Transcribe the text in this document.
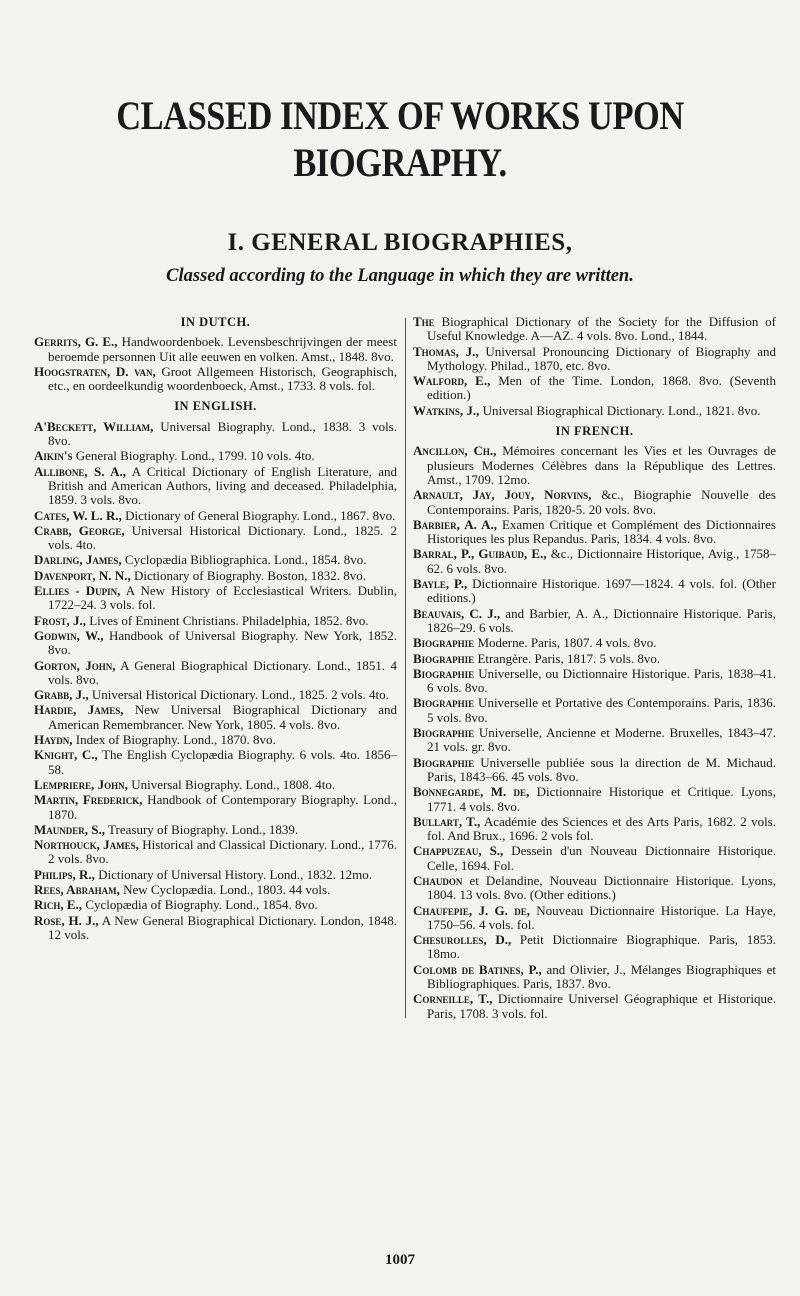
CLASSED INDEX OF WORKS UPON BIOGRAPHY.
I. GENERAL BIOGRAPHIES,
Classed according to the Language in which they are written.
IN DUTCH.
Gerrits, G. E., Handwoordenboek. Levensbeschrijvingen der meest beroemde personnen Uit alle eeuwen en volken. Amst., 1848. 8vo.
Hoogstraten, D. van, Groot Allgemeen Historisch, Geographisch, etc., en oordeelkundig woordenboeck, Amst., 1733. 8 vols. fol.
IN ENGLISH.
A'Beckett, William, Universal Biography. Lond., 1838. 3 vols. 8vo.
Aikin's General Biography. Lond., 1799. 10 vols. 4to.
Allibone, S. A., A Critical Dictionary of English Literature, and British and American Authors, living and deceased. Philadelphia, 1859. 3 vols. 8vo.
Cates, W. L. R., Dictionary of General Biography. Lond., 1867. 8vo.
Crabb, George, Universal Historical Dictionary. Lond., 1825. 2 vols. 4to.
Darling, James, Cyclopædia Bibliographica. Lond., 1854. 8vo.
Davenport, N. N., Dictionary of Biography. Boston, 1832. 8vo.
Ellies - Dupin, A New History of Ecclesiastical Writers. Dublin, 1722–24. 3 vols. fol.
Frost, J., Lives of Eminent Christians. Philadelphia, 1852. 8vo.
Godwin, W., Handbook of Universal Biography. New York, 1852. 8vo.
Gorton, John, A General Biographical Dictionary. Lond., 1851. 4 vols. 8vo.
Grabb, J., Universal Historical Dictionary. Lond., 1825. 2 vols. 4to.
Hardie, James, New Universal Biographical Dictionary and American Remembrancer. New York, 1805. 4 vols. 8vo.
Haydn, Index of Biography. Lond., 1870. 8vo.
Knight, C., The English Cyclopædia Biography. 6 vols. 4to. 1856–58.
Lempriere, John, Universal Biography. Lond., 1808. 4to.
Martin, Frederick, Handbook of Contemporary Biography. Lond., 1870.
Maunder, S., Treasury of Biography. Lond., 1839.
Northouck, James, Historical and Classical Dictionary. Lond., 1776. 2 vols. 8vo.
Philips, R., Dictionary of Universal History. Lond., 1832. 12mo.
Rees, Abraham, New Cyclopædia. Lond., 1803. 44 vols.
Rich, E., Cyclopædia of Biography. Lond., 1854. 8vo.
Rose, H. J., A New General Biographical Dictionary. London, 1848. 12 vols.
The Biographical Dictionary of the Society for the Diffusion of Useful Knowledge. A—AZ. 4 vols. 8vo. Lond., 1844.
Thomas, J., Universal Pronouncing Dictionary of Biography and Mythology. Philad., 1870, etc. 8vo.
Walford, E., Men of the Time. London, 1868. 8vo. (Seventh edition.)
Watkins, J., Universal Biographical Dictionary. Lond., 1821. 8vo.
IN FRENCH.
Ancillon, Ch., Mémoires concernant les Vies et les Ouvrages de plusieurs Modernes Célèbres dans la République des Lettres. Amst., 1709. 12mo.
Arnault, Jay, Jouy, Norvins, &c., Biographie Nouvelle des Contemporains. Paris, 1820-5. 20 vols. 8vo.
Barbier, A. A., Examen Critique et Complément des Dictionnaires Historiques les plus Repandus. Paris, 1834. 4 vols. 8vo.
Barral, P., Guibaud, E., &c., Dictionnaire Historique, Avig., 1758–62. 6 vols. 8vo.
Bayle, P., Dictionnaire Historique. 1697—1824. 4 vols. fol. (Other editions.)
Beauvais, C. J., and Barbier, A. A., Dictionnaire Historique. Paris, 1826–29. 6 vols.
Biographie Moderne. Paris, 1807. 4 vols. 8vo.
Biographie Etrangère. Paris, 1817. 5 vols. 8vo.
Biographie Universelle, ou Dictionnaire Historique. Paris, 1838–41. 6 vols. 8vo.
Biographie Universelle et Portative des Contemporains. Paris, 1836. 5 vols. 8vo.
Biographie Universelle, Ancienne et Moderne. Bruxelles, 1843–47. 21 vols. gr. 8vo.
Biographie Universelle publiée sous la direction de M. Michaud. Paris, 1843–66. 45 vols. 8vo.
Bonnegarde, M. de, Dictionnaire Historique et Critique. Lyons, 1771. 4 vols. 8vo.
Bullart, T., Académie des Sciences et des Arts Paris, 1682. 2 vols. fol. And Brux., 1696. 2 vols fol.
Chappuzeau, S., Dessein d'un Nouveau Dictionnaire Historique. Celle, 1694. Fol.
Chaudon et Delandine, Nouveau Dictionnaire Historique. Lyons, 1804. 13 vols. 8vo. (Other editions.)
Chaufepie, J. G. de, Nouveau Dictionnaire Historique. La Haye, 1750–56. 4 vols. fol.
Chesurolles, D., Petit Dictionnaire Biographique. Paris, 1853. 18mo.
Colomb de Batines, P., and Olivier, J., Mélanges Biographiques et Bibliographiques. Paris, 1837. 8vo.
Corneille, T., Dictionnaire Universel Géographique et Historique. Paris, 1708. 3 vols. fol.
1007
